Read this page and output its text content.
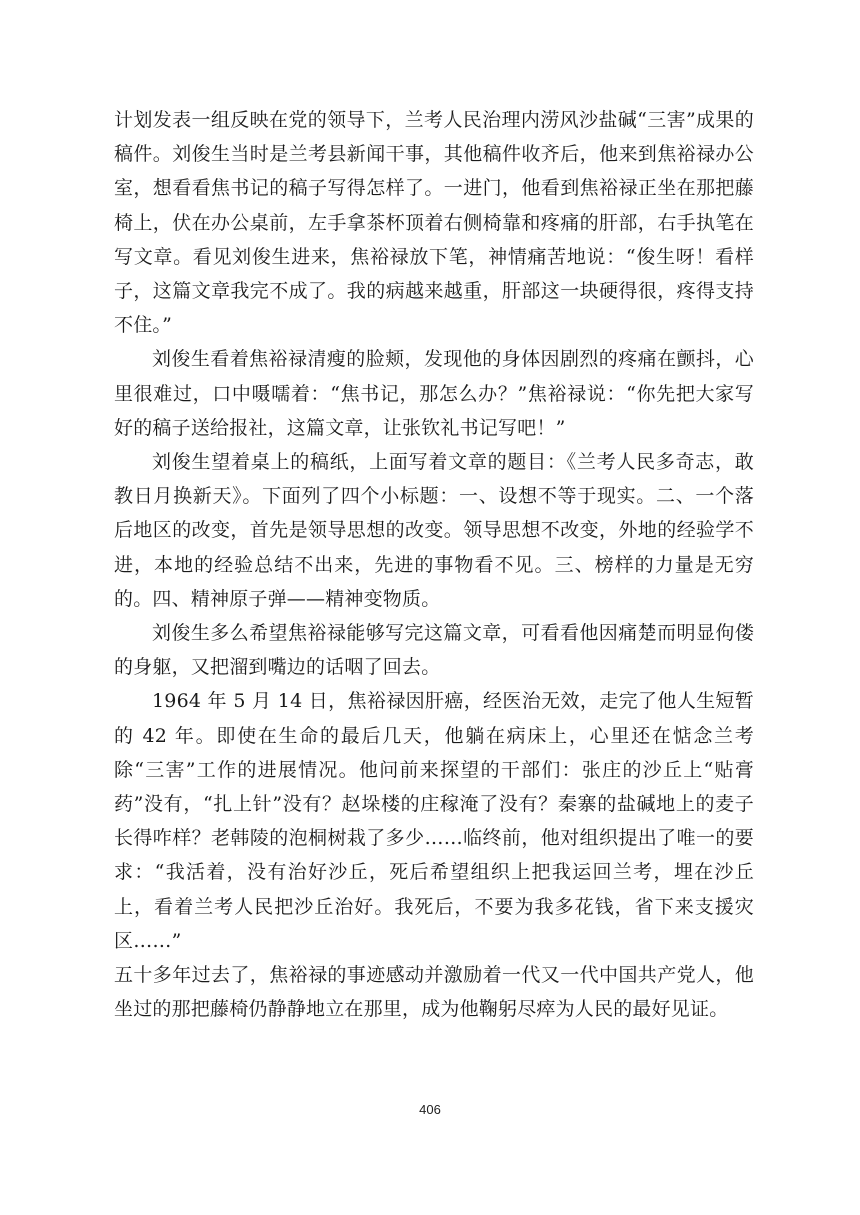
计划发表一组反映在党的领导下，兰考人民治理内涝风沙盐碱“三害”成果的稿件。刘俊生当时是兰考县新闻干事，其他稿件收齐后，他来到焦裕禄办公室，想看看焦书记的稿子写得怎样了。一进门，他看到焦裕禄正坐在那把藤椅上，伏在办公桌前，左手拿茶杯顶着右侧椅靠和疼痛的肝部，右手执笔在写文章。看见刘俊生进来，焦裕禄放下笔，神情痛苦地说：“俊生呀！看样子，这篇文章我完不成了。我的病越来越重，肝部这一块硬得很，疼得支持不住。”

刘俊生看着焦裕禄清瘦的脸颊，发现他的身体因剧烈的疼痛在颤抖，心里很难过，口中嗫嚅着：“焦书记，那怎么办？”焦裕禄说：“你先把大家写好的稿子送给报社，这篇文章，让张钦礼书记写吧！”

刘俊生望着桌上的稿纸，上面写着文章的题目：《兰考人民多奇志，敢教日月换新天》。下面列了四个小标题：一、设想不等于现实。二、一个落后地区的改变，首先是领导思想的改变。领导思想不改变，外地的经验学不进，本地的经验总结不出来，先进的事物看不见。三、榜样的力量是无穷的。四、精神原子弹——精神变物质。

刘俊生多么希望焦裕禄能够写完这篇文章，可看看他因痛楚而明显佝偻的身躯，又把溜到嘴边的话咽了回去。

1964 年 5 月 14 日，焦裕禄因肝癌，经医治无效，走完了他人生短暂的 42 年。即使在生命的最后几天，他躺在病床上，心里还在惦念兰考除“三害”工作的进展情况。他问前来探望的干部们：张庄的沙丘上“贴膏药”没有，“扎上针”没有？赵垛楼的庄稼淹了没有？秦寨的盐碱地上的麦子长得咋样？老韩陵的泡桐树栽了多少……临终前，他对组织提出了唯一的要求：“我活着，没有治好沙丘，死后希望组织上把我运回兰考，埋在沙丘上，看着兰考人民把沙丘治好。我死后，不要为我多花钱，省下来支援灾区……”

五十多年过去了，焦裕禄的事迹感动并激励着一代又一代中国共产党人，他坐过的那把藤椅仍静静地立在那里，成为他鞠躬尽瘁为人民的最好见证。

406
